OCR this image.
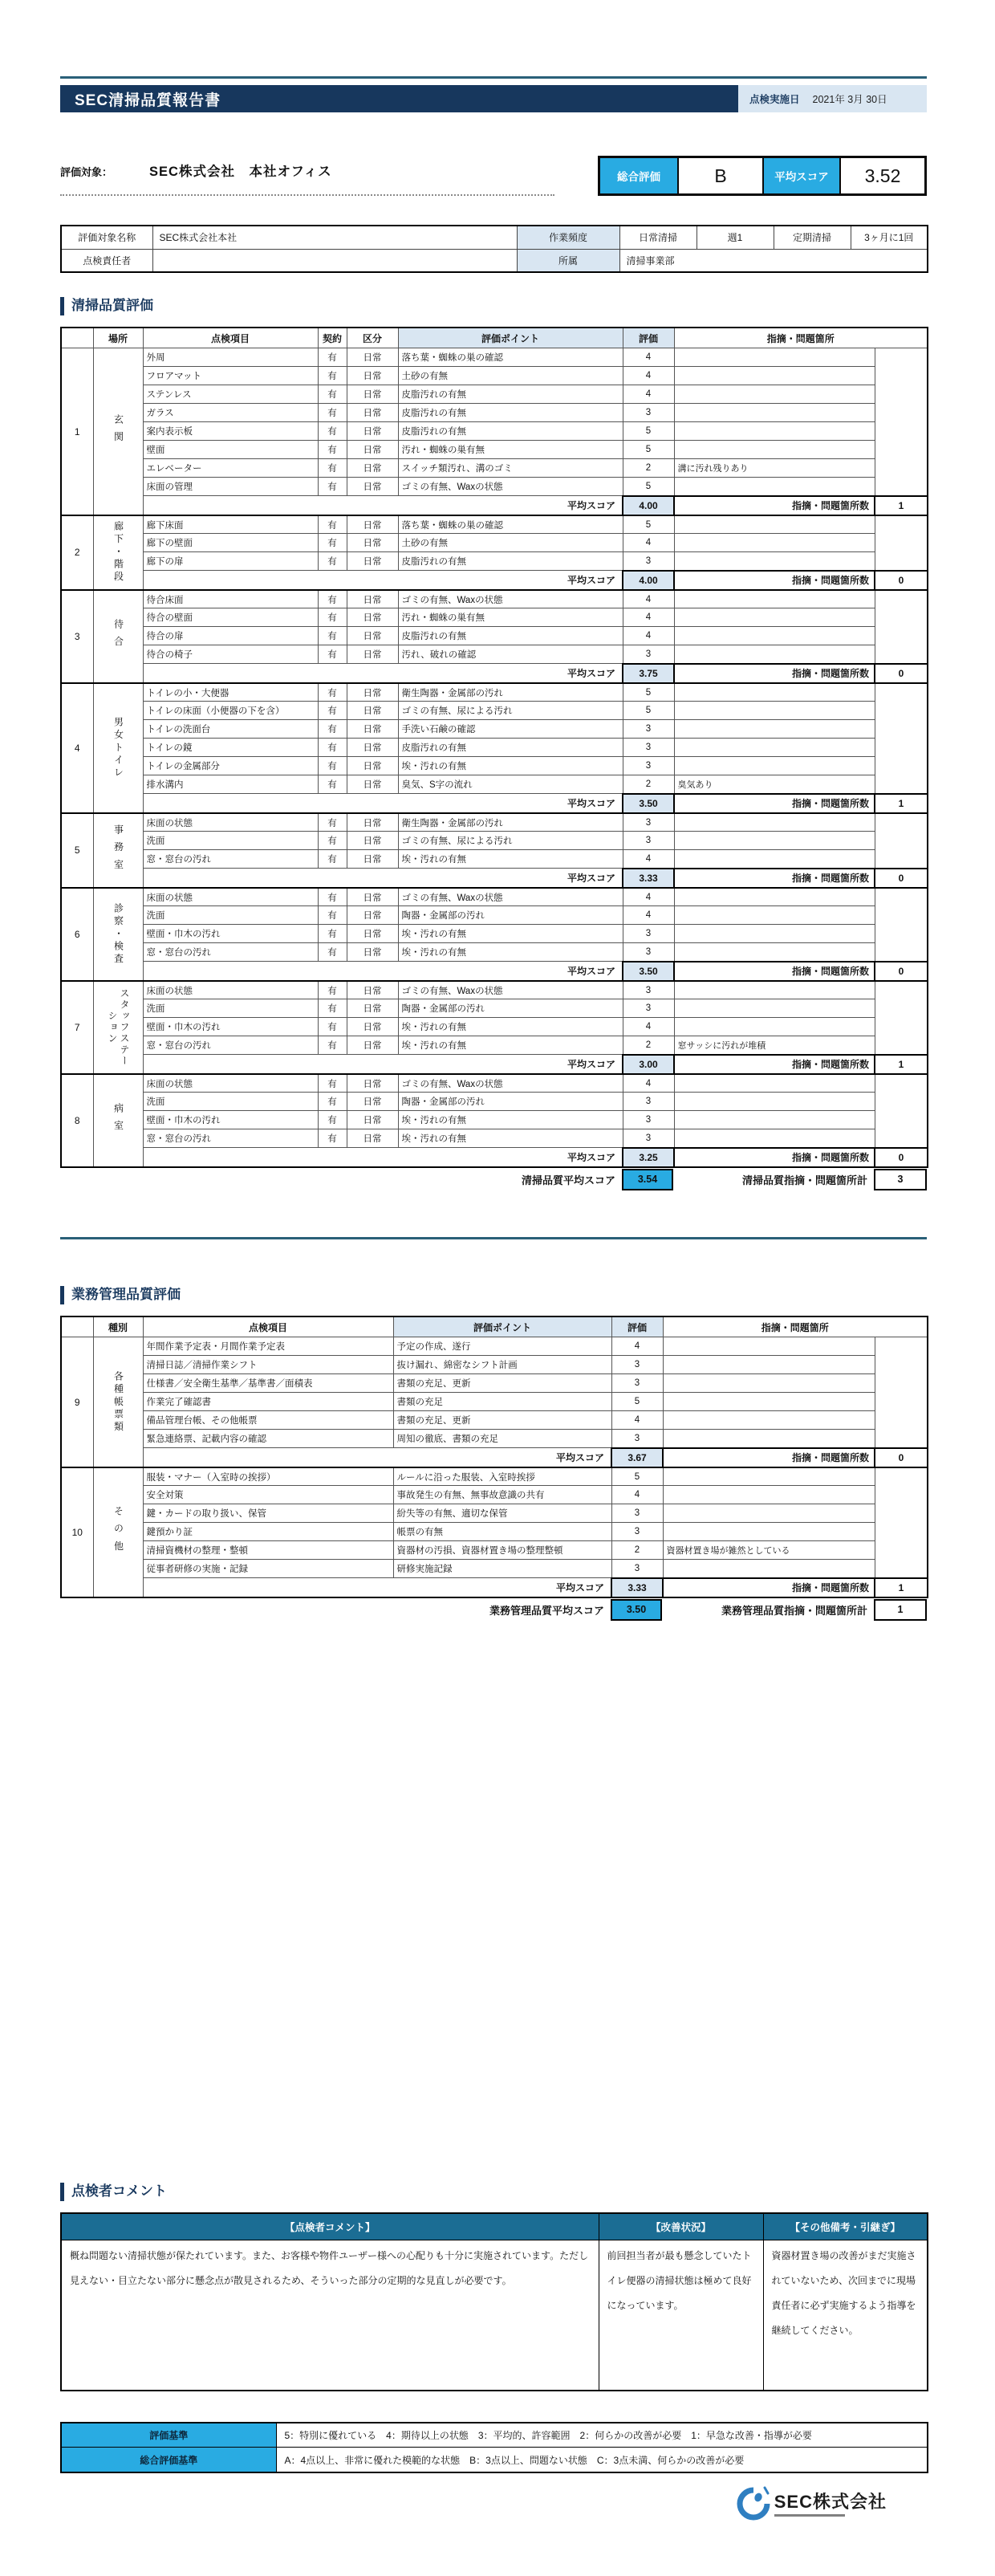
SEC清掃品質報告書	点検実施日 2021年 3月 30日
評価対象：	SEC株式会社　本社オフィス	総合評価	B	平均スコア	3.52
評価対象名称	SEC株式会社本社	作業頻度	日常清掃	週1	定期清掃	3ヶ月に1回
点検責任者		所属	清掃事業部			
清掃品質評価
	場所	点検項目	契約	区分	評価ポイント	評価	指摘・問題箇所	
1	玄関	外周	有	日常	落ち葉・蜘蛛の巣の確認	4		
		フロアマット	有	日常	土砂の有無	4		
		ステンレス	有	日常	皮脂汚れの有無	4		
		ガラス	有	日常	皮脂汚れの有無	3		
		案内表示板	有	日常	皮脂汚れの有無	5		
		壁面	有	日常	汚れ・蜘蛛の巣有無	5		
		エレベーター	有	日常	スイッチ類汚れ、溝のゴミ	2	溝に汚れ残りあり	
		床面の管理	有	日常	ゴミの有無、Waxの状態	5		
		平均スコア				4.00	指摘・問題箇所数	1
2	廊下・階段	廊下床面	有	日常	落ち葉・蜘蛛の巣の確認	5		
		廊下の壁面	有	日常	土砂の有無	4		
		廊下の扉	有	日常	皮脂汚れの有無	3		
		平均スコア				4.00	指摘・問題箇所数	0
3	待合	待合床面	有	日常	ゴミの有無、Waxの状態	4		
		待合の壁面	有	日常	汚れ・蜘蛛の巣有無	4		
		待合の扉	有	日常	皮脂汚れの有無	4		
		待合の椅子	有	日常	汚れ、破れの確認	3		
		平均スコア				3.75	指摘・問題箇所数	0
4	男女トイレ	トイレの小・大便器	有	日常	衛生陶器・金属部の汚れ	5		
		トイレの床面（小便器の下を含）	有	日常	ゴミの有無、尿による汚れ	5		
		トイレの洗面台	有	日常	手洗い石鹸の確認	3		
		トイレの鏡	有	日常	皮脂汚れの有無	3		
		トイレの金属部分	有	日常	埃・汚れの有無	3		
		排水溝内	有	日常	臭気、S字の流れ	2	臭気あり	
		平均スコア				3.50	指摘・問題箇所数	1
5	事務室	床面の状態	有	日常	衛生陶器・金属部の汚れ	3		
		洗面	有	日常	ゴミの有無、尿による汚れ	3		
		窓・窓台の汚れ	有	日常	埃・汚れの有無	4		
		平均スコア				3.33	指摘・問題箇所数	0
6	診察・検査	床面の状態	有	日常	ゴミの有無、Waxの状態	4		
		洗面	有	日常	陶器・金属部の汚れ	4		
		壁面・巾木の汚れ	有	日常	埃・汚れの有無	3		
		窓・窓台の汚れ	有	日常	埃・汚れの有無	3		
		平均スコア				3.50	指摘・問題箇所数	0
7	スタッフステーション	床面の状態	有	日常	ゴミの有無、Waxの状態	3		
		洗面	有	日常	陶器・金属部の汚れ	3		
		壁面・巾木の汚れ	有	日常	埃・汚れの有無	4		
		窓・窓台の汚れ	有	日常	埃・汚れの有無	2	窓サッシに汚れが堆積	
		平均スコア				3.00	指摘・問題箇所数	1
8	病室	床面の状態	有	日常	ゴミの有無、Waxの状態	4		
		洗面	有	日常	陶器・金属部の汚れ	3		
		壁面・巾木の汚れ	有	日常	埃・汚れの有無	3		
		窓・窓台の汚れ	有	日常	埃・汚れの有無	3		
		平均スコア				3.25	指摘・問題箇所数	0
清掃品質平均スコア	3.54	清掃品質指摘・問題箇所計	3
業務管理品質評価
	種別	点検項目	評価ポイント	評価	指摘・問題箇所	
9	各種帳票類	年間作業予定表・月間作業予定表	予定の作成、遂行	4		
		清掃日誌／清掃作業シフト	抜け漏れ、綿密なシフト計画	3		
		仕様書／安全衛生基準／基準書／面積表	書類の充足、更新	3		
		作業完了確認書	書類の充足	5		
		備品管理台帳、その他帳票	書類の充足、更新	4		
		緊急連絡票、記載内容の確認	周知の徹底、書類の充足	3		
		平均スコア		3.67	指摘・問題箇所数	0
10	その他	服装・マナー（入室時の挨拶）	ルールに沿った服装、入室時挨拶	5		
		安全対策	事故発生の有無、無事故意識の共有	4		
		鍵・カードの取り扱い、保管	紛失等の有無、適切な保管	3		
		鍵預かり証	帳票の有無	3		
		清掃資機材の整理・整頓	資器材の汚損、資器材置き場の整理整頓	2	資器材置き場が雑然としている	
		従事者研修の実施・記録	研修実施記録	3		
		平均スコア		3.33	指摘・問題箇所数	1
業務管理品質平均スコア	3.50	業務管理品質指摘・問題箇所計	1
点検者コメント
【点検者コメント】	【改善状況】	【その他備考・引継ぎ】
概ね問題ない清掃状態が保たれています。また、お客様や物件ユーザー様への心配りも十分に実施されています。ただし見えない・目立たない部分に懸念点が散見されるため、そういった部分の定期的な見直しが必要です。	前回担当者が最も懸念していたトイレ便器の清掃状態は極めて良好になっています。	資器材置き場の改善がまだ実施されていないため、次回までに現場責任者に必ず実施するよう指導を継続してください。
評価基準	5：特別に優れている　4：期待以上の状態　3：平均的、許容範囲　2：何らかの改善が必要　1：早急な改善・指導が必要
総合評価基準	A：4点以上、非常に優れた模範的な状態　B：3点以上、問題ない状態　C：3点未満、何らかの改善が必要
SEC株式会社
